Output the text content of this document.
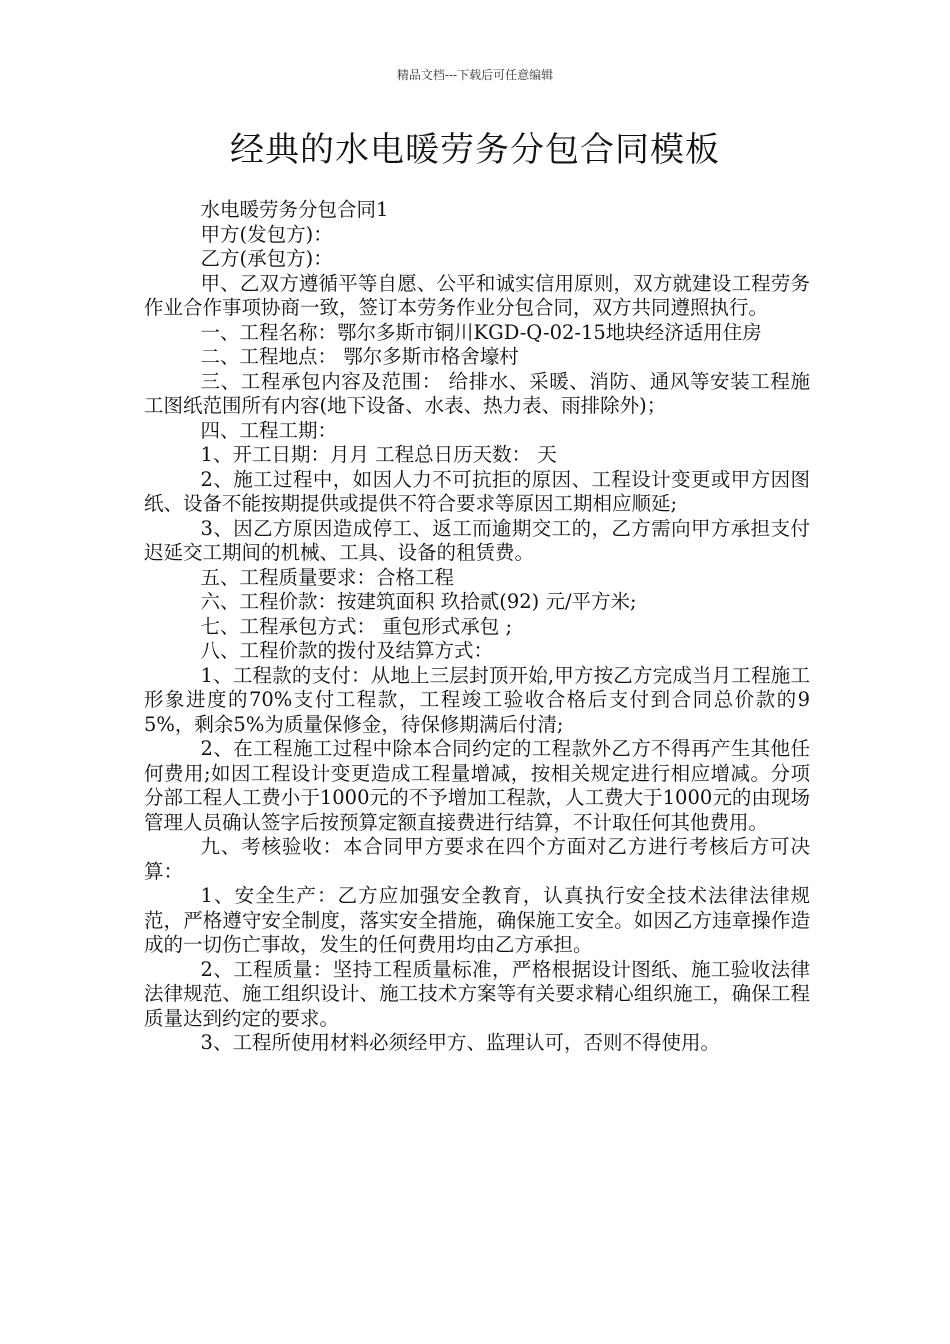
精品文档---下载后可任意编辑
经典的水电暖劳务分包合同模板

水电暖劳务分包合同1

甲方(发包方)：

乙方(承包方)：

甲、乙双方遵循平等自愿、公平和诚实信用原则，双方就建设工程劳务作业合作事项协商一致，签订本劳务作业分包合同，双方共同遵照执行。

一、工程名称：鄂尔多斯市铜川KGD-Q-02-15地块经济适用住房

二、工程地点： 鄂尔多斯市格舍壕村

三、工程承包内容及范围： 给排水、采暖、消防、通风等安装工程施工图纸范围所有内容(地下设备、水表、热力表、雨排除外)；

四、工程工期：

1、开工日期：月月 工程总日历天数： 天

2、施工过程中，如因人力不可抗拒的原因、工程设计变更或甲方因图纸、设备不能按期提供或提供不符合要求等原因工期相应顺延;

3、因乙方原因造成停工、返工而逾期交工的，乙方需向甲方承担支付迟延交工期间的机械、工具、设备的租赁费。

五、工程质量要求：合格工程

六、工程价款：按建筑面积 玖拾贰(92) 元/平方米;

七、工程承包方式： 重包形式承包 ;

八、工程价款的拨付及结算方式：

1、工程款的支付：从地上三层封顶开始,甲方按乙方完成当月工程施工形象进度的70%支付工程款，工程竣工验收合格后支付到合同总价款的95%，剩余5%为质量保修金，待保修期满后付清;

2、在工程施工过程中除本合同约定的工程款外乙方不得再产生其他任何费用;如因工程设计变更造成工程量增减，按相关规定进行相应增减。分项分部工程人工费小于1000元的不予增加工程款，人工费大于1000元的由现场管理人员确认签字后按预算定额直接费进行结算，不计取任何其他费用。

九、考核验收：本合同甲方要求在四个方面对乙方进行考核后方可决算：

1、安全生产：乙方应加强安全教育，认真执行安全技术法律法律规范，严格遵守安全制度，落实安全措施，确保施工安全。如因乙方违章操作造成的一切伤亡事故，发生的任何费用均由乙方承担。

2、工程质量：坚持工程质量标准，严格根据设计图纸、施工验收法律法律规范、施工组织设计、施工技术方案等有关要求精心组织施工，确保工程质量达到约定的要求。

3、工程所使用材料必须经甲方、监理认可，否则不得使用。
